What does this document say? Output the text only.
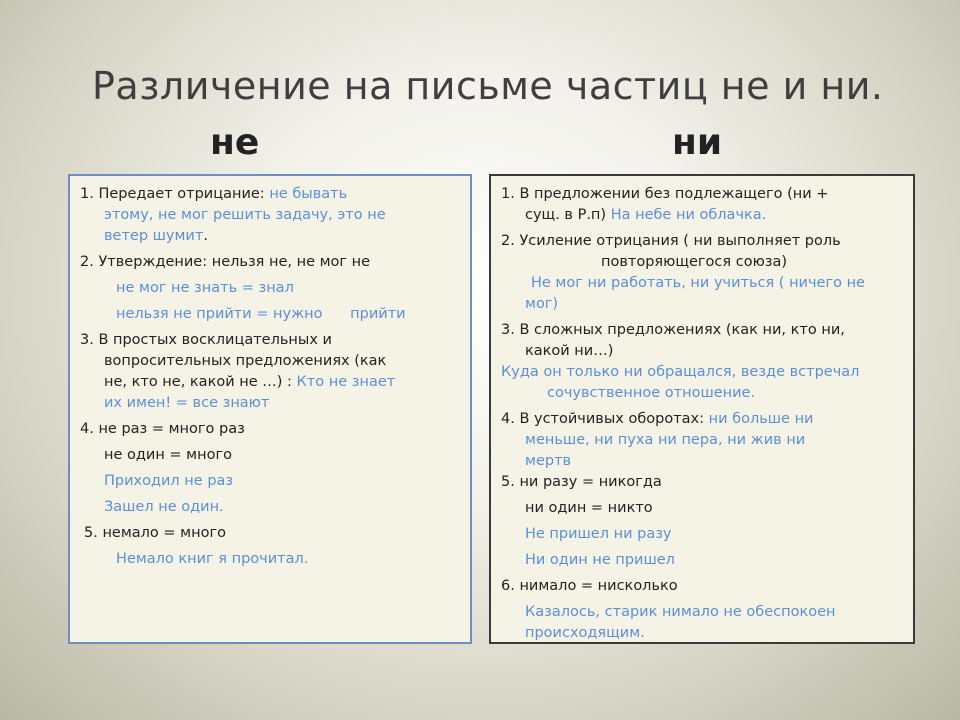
Различение на письме частиц не и ни.
не	ни
1. Передает отрицание: не бывать
этому, не мог решить задачу, это не
ветер шумит.
2. Утверждение: нельзя не, не мог не
не мог не знать = знал
нельзя не прийти = нужно      прийти
3. В простых восклицательных и
вопросительных предложениях (как
не, кто не, какой не …) : Кто не знает
их имен! = все знают
4. не раз = много раз
не один = много
Приходил не раз
Зашел не один.
5. немало = много
Немало книг я прочитал.
1. В предложении без подлежащего (ни +
сущ. в Р.п) На небе ни облачка.
2. Усиление отрицания ( ни выполняет роль
повторяющегося союза)
Не мог ни работать, ни учиться ( ничего не
мог)
3. В сложных предложениях (как ни, кто ни,
какой ни…)
Куда он только ни обращался, везде встречал
сочувственное отношение.
4. В устойчивых оборотах: ни больше ни
меньше, ни пуха ни пера, ни жив ни
мертв
5. ни разу = никогда
ни один = никто
Не пришел ни разу
Ни один не пришел
6. нимало = нисколько
Казалось, старик нимало не обеспокоен
происходящим.
